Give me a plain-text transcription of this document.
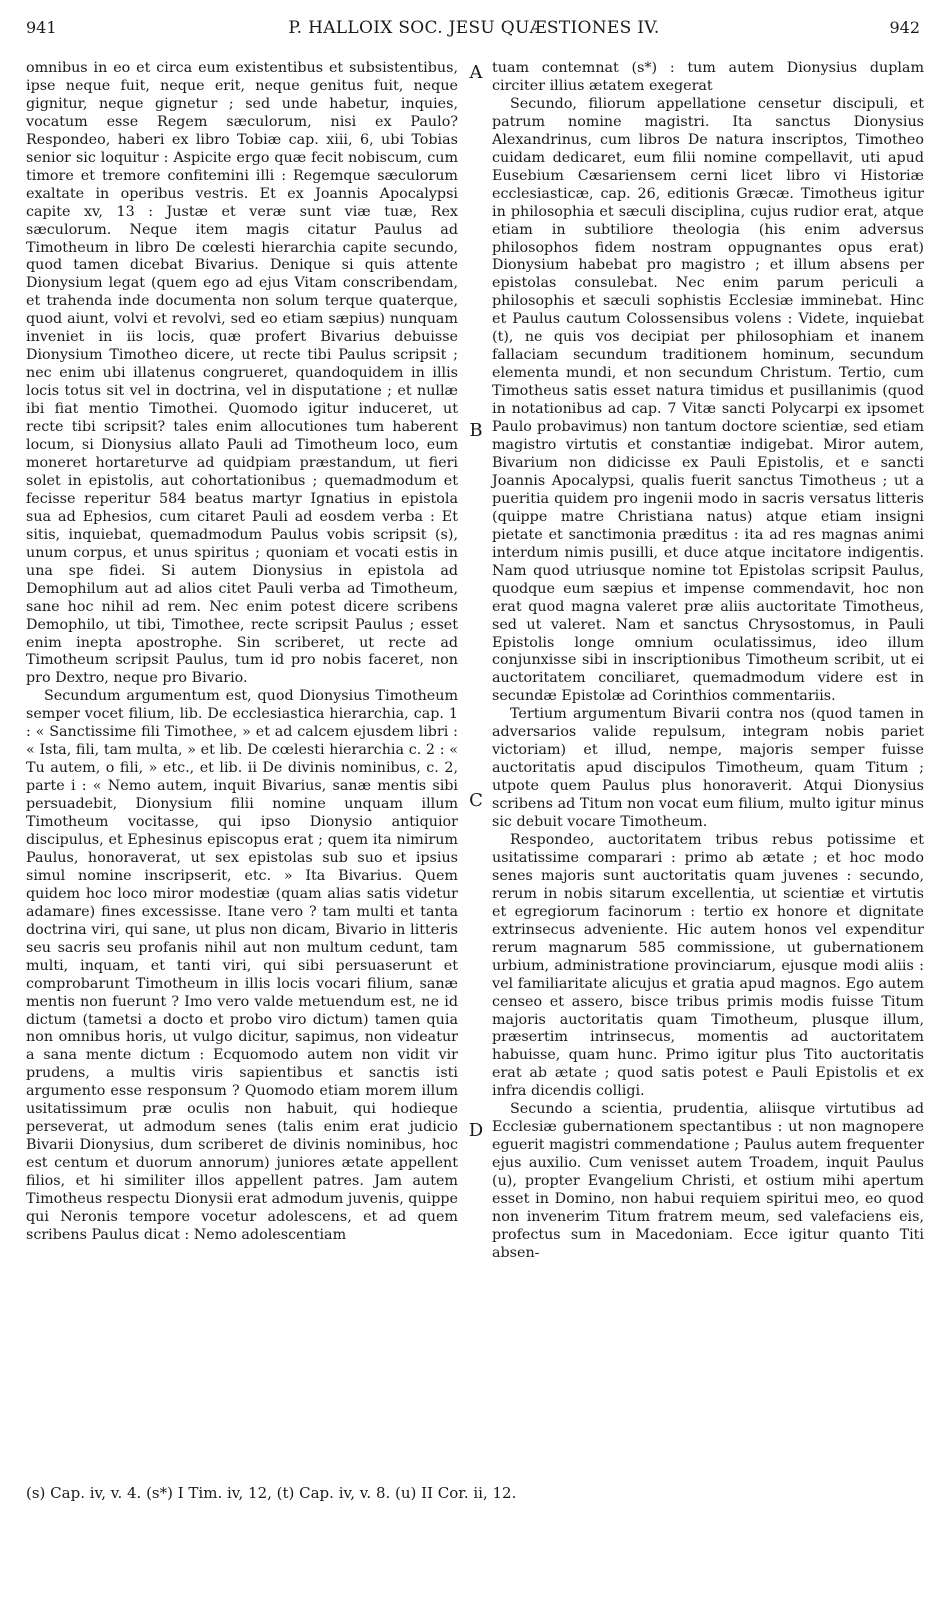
941	P. HALLOIX SOC. JESU QUÆSTIONES IV.	942

omnibus in eo et circa eum existentibus et subsistentibus, ipse neque fuit, neque erit, neque genitus fuit, neque gignitur, neque gignetur ; sed unde habetur, inquies, vocatum esse Regem sæculorum, nisi ex Paulo? Respondeo, haberi ex libro Tobiæ cap. xiii, 6, ubi Tobias senior sic loquitur : Aspicite ergo quæ fecit nobiscum, cum timore et tremore confitemini illi : Regemque sæculorum exaltate in operibus vestris. Et ex Joannis Apocalypsi capite xv, 13 : Justæ et veræ sunt viæ tuæ, Rex sæculorum. Neque item magis citatur Paulus ad Timotheum in libro De cœlesti hierarchia capite secundo, quod tamen dicebat Bivarius. Denique si quis attente Dionysium legat (quem ego ad ejus Vitam conscribendam, et trahenda inde documenta non solum terque quaterque, quod aiunt, volvi et revolvi, sed eo etiam sæpius) nunquam inveniet in iis locis, quæ profert Bivarius debuisse Dionysium Timotheo dicere, ut recte tibi Paulus scripsit ; nec enim ubi illatenus congrueret, quandoquidem in illis locis totus sit vel in doctrina, vel in disputatione ; et nullæ ibi fiat mentio Timothei. Quomodo igitur induceret, ut recte tibi scripsit? tales enim allocutiones tum haberent locum, si Dionysius allato Pauli ad Timotheum loco, eum moneret hortareturve ad quidpiam præstandum, ut fieri solet in epistolis, aut cohortationibus ; quemadmodum et fecisse reperitur 584 beatus martyr Ignatius in epistola sua ad Ephesios, cum citaret Pauli ad eosdem verba : Et sitis, inquiebat, quemadmodum Paulus vobis scripsit (s), unum corpus, et unus spiritus ; quoniam et vocati estis in una spe fidei. Si autem Dionysius in epistola ad Demophilum aut ad alios citet Pauli verba ad Timotheum, sane hoc nihil ad rem. Nec enim potest dicere scribens Demophilo, ut tibi, Timothee, recte scripsit Paulus ; esset enim inepta apostrophe. Sin scriberet, ut recte ad Timotheum scripsit Paulus, tum id pro nobis faceret, non pro Dextro, neque pro Bivario.

Secundum argumentum est, quod Dionysius Timotheum semper vocet filium, lib. De ecclesiastica hierarchia, cap. 1 : « Sanctissime fili Timothee, » et ad calcem ejusdem libri : « Ista, fili, tam multa, » et lib. De cœlesti hierarchia c. 2 : « Tu autem, o fili, » etc., et lib. ii De divinis nominibus, c. 2, parte i : « Nemo autem, inquit Bivarius, sanæ mentis sibi persuadebit, Dionysium filii nomine unquam illum Timotheum vocitasse, qui ipso Dionysio antiquior discipulus, et Ephesinus episcopus erat ; quem ita nimirum Paulus, honoraverat, ut sex epistolas sub suo et ipsius simul nomine inscripserit, etc. » Ita Bivarius. Quem quidem hoc loco miror modestiæ (quam alias satis videtur adamare) fines excessisse. Itane vero ? tam multi et tanta doctrina viri, qui sane, ut plus non dicam, Bivario in litteris seu sacris seu profanis nihil aut non multum cedunt, tam multi, inquam, et tanti viri, qui sibi persuaserunt et comprobarunt Timotheum in illis locis vocari filium, sanæ mentis non fuerunt ? Imo vero valde metuendum est, ne id dictum (tametsi a docto et probo viro dictum) tamen quia non omnibus horis, ut vulgo dicitur, sapimus, non videatur a sana mente dictum : Ecquomodo autem non vidit vir prudens, a multis viris sapientibus et sanctis isti argumento esse responsum ? Quomodo etiam morem illum usitatissimum præ oculis non habuit, qui hodieque perseverat, ut admodum senes (talis enim erat judicio Bivarii Dionysius, dum scriberet de divinis nominibus, hoc est centum et duorum annorum) juniores ætate appellent filios, et hi similiter illos appellent patres. Jam autem Timotheus respectu Dionysii erat admodum juvenis, quippe qui Neronis tempore vocetur adolescens, et ad quem scribens Paulus dicat : Nemo adolescentiam

A
B
C
D

tuam contemnat (s*) : tum autem Dionysius duplam circiter illius ætatem exegerat

Secundo, filiorum appellatione censetur discipuli, et patrum nomine magistri. Ita sanctus Dionysius Alexandrinus, cum libros De natura inscriptos, Timotheo cuidam dedicaret, eum filii nomine compellavit, uti apud Eusebium Cæsariensem cerni licet libro vi Historiæ ecclesiasticæ, cap. 26, editionis Græcæ. Timotheus igitur in philosophia et sæculi disciplina, cujus rudior erat, atque etiam in subtiliore theologia (his enim adversus philosophos fidem nostram oppugnantes opus erat) Dionysium habebat pro magistro ; et illum absens per epistolas consulebat. Nec enim parum periculi a philosophis et sæculi sophistis Ecclesiæ imminebat. Hinc et Paulus cautum Colossensibus volens : Videte, inquiebat (t), ne quis vos decipiat per philosophiam et inanem fallaciam secundum traditionem hominum, secundum elementa mundi, et non secundum Christum. Tertio, cum Timotheus satis esset natura timidus et pusillanimis (quod in notationibus ad cap. 7 Vitæ sancti Polycarpi ex ipsomet Paulo probavimus) non tantum doctore scientiæ, sed etiam magistro virtutis et constantiæ indigebat. Miror autem, Bivarium non didicisse ex Pauli Epistolis, et e sancti Joannis Apocalypsi, qualis fuerit sanctus Timotheus ; ut a pueritia quidem pro ingenii modo in sacris versatus litteris (quippe matre Christiana natus) atque etiam insigni pietate et sanctimonia præditus : ita ad res magnas animi interdum nimis pusilli, et duce atque incitatore indigentis. Nam quod utriusque nomine tot Epistolas scripsit Paulus, quodque eum sæpius et impense commendavit, hoc non erat quod magna valeret præ aliis auctoritate Timotheus, sed ut valeret. Nam et sanctus Chrysostomus, in Pauli Epistolis longe omnium oculatissimus, ideo illum conjunxisse sibi in inscriptionibus Timotheum scribit, ut ei auctoritatem conciliaret, quemadmodum videre est in secundæ Epistolæ ad Corinthios commentariis.

Tertium argumentum Bivarii contra nos (quod tamen in adversarios valide repulsum, integram nobis pariet victoriam) et illud, nempe, majoris semper fuisse auctoritatis apud discipulos Timotheum, quam Titum ; utpote quem Paulus plus honoraverit. Atqui Dionysius scribens ad Titum non vocat eum filium, multo igitur minus sic debuit vocare Timotheum.

Respondeo, auctoritatem tribus rebus potissime et usitatissime comparari : primo ab ætate ; et hoc modo senes majoris sunt auctoritatis quam juvenes : secundo, rerum in nobis sitarum excellentia, ut scientiæ et virtutis et egregiorum facinorum : tertio ex honore et dignitate extrinsecus adveniente. Hic autem honos vel expenditur rerum magnarum 585 commissione, ut gubernationem urbium, administratione provinciarum, ejusque modi aliis : vel familiaritate alicujus et gratia apud magnos. Ego autem censeo et assero, bisce tribus primis modis fuisse Titum majoris auctoritatis quam Timotheum, plusque illum, præsertim intrinsecus, momentis ad auctoritatem habuisse, quam hunc. Primo igitur plus Tito auctoritatis erat ab ætate ; quod satis potest e Pauli Epistolis et ex infra dicendis colligi.

Secundo a scientia, prudentia, aliisque virtutibus ad Ecclesiæ gubernationem spectantibus : ut non magnopere eguerit magistri commendatione ; Paulus autem frequenter ejus auxilio. Cum venisset autem Troadem, inquit Paulus (u), propter Evangelium Christi, et ostium mihi apertum esset in Domino, non habui requiem spiritui meo, eo quod non invenerim Titum fratrem meum, sed valefaciens eis, profectus sum in Macedoniam. Ecce igitur quanto Titi absen-

(s) Cap. iv, v. 4. (s*) I Tim. iv, 12, (t) Cap. iv, v. 8. (u) II Cor. ii, 12.
